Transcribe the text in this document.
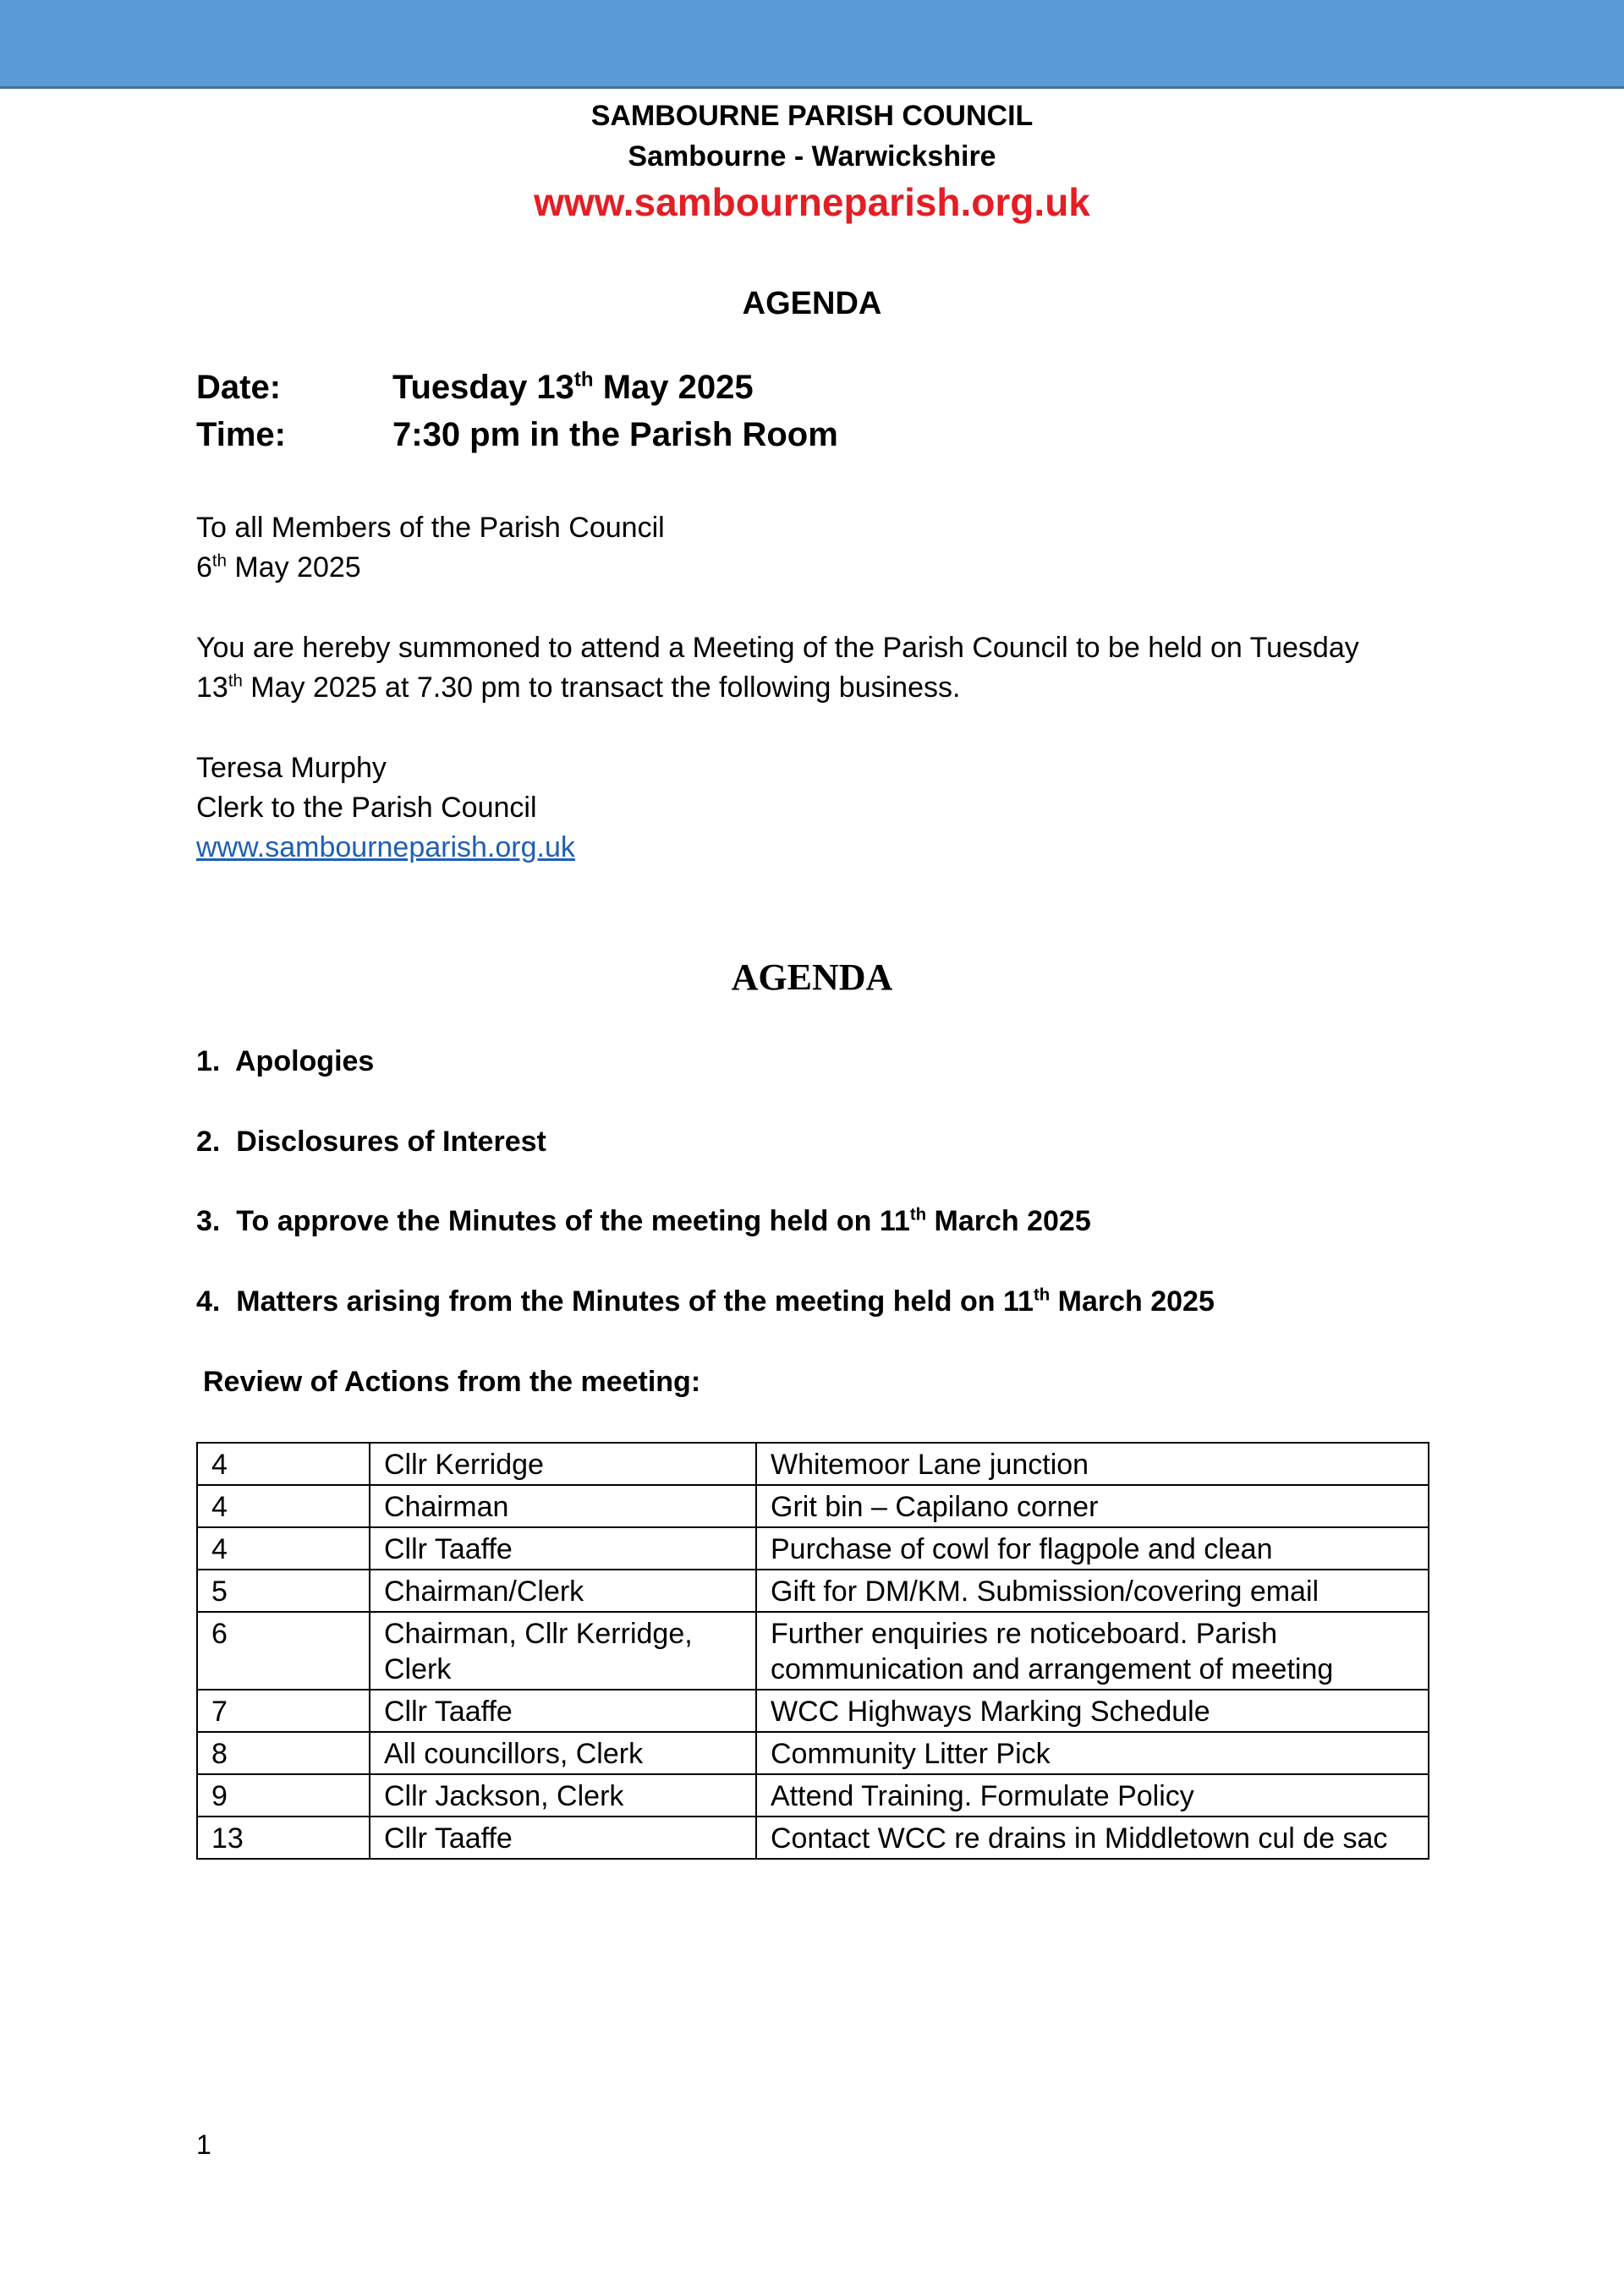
SAMBOURNE PARISH COUNCIL
Sambourne - Warwickshire
www.sambourneparish.org.uk
AGENDA
Date:	Tuesday 13th May 2025
Time:	7:30 pm in the Parish Room
To all Members of the Parish Council
6th May 2025
You are hereby summoned to attend a Meeting of the Parish Council to be held on Tuesday
13th May 2025 at 7.30 pm to transact the following business.
Teresa Murphy
Clerk to the Parish Council
www.sambourneparish.org.uk
AGENDA
1.  Apologies
2. Disclosures of Interest
3. To approve the Minutes of the meeting held on 11th March 2025
4. Matters arising from the Minutes of the meeting held on 11th March 2025
Review of Actions from the meeting:
4	Cllr Kerridge	Whitemoor Lane junction
4	Chairman	Grit bin – Capilano corner
4	Cllr Taaffe	Purchase of cowl for flagpole and clean
5	Chairman/Clerk	Gift for DM/KM. Submission/covering email
6	Chairman, Cllr Kerridge, Clerk	Further enquiries re noticeboard. Parish communication and arrangement of meeting
7	Cllr Taaffe	WCC Highways Marking Schedule
8	All councillors, Clerk	Community Litter Pick
9	Cllr Jackson, Clerk	Attend Training. Formulate Policy
13	Cllr Taaffe	Contact WCC re drains in Middletown cul de sac
1
